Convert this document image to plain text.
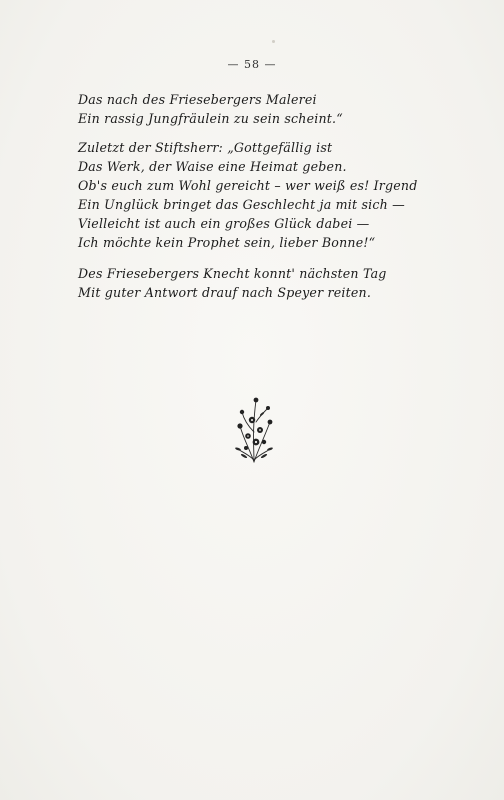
— 58 —
Das nach des Friesebergers Malerei
Ein rassig Jungfräulein zu sein scheint.“
Zuletzt der Stiftsherr: „Gottgefällig ist
Das Werk, der Waise eine Heimat geben.
Ob's euch zum Wohl gereicht – wer weiß es! Irgend
Ein Unglück bringet das Geschlecht ja mit sich —
Vielleicht ist auch ein großes Glück dabei —
Ich möchte kein Prophet sein, lieber Bonne!“
Des Friesebergers Knecht konnt' nächsten Tag
Mit guter Antwort drauf nach Speyer reiten.
